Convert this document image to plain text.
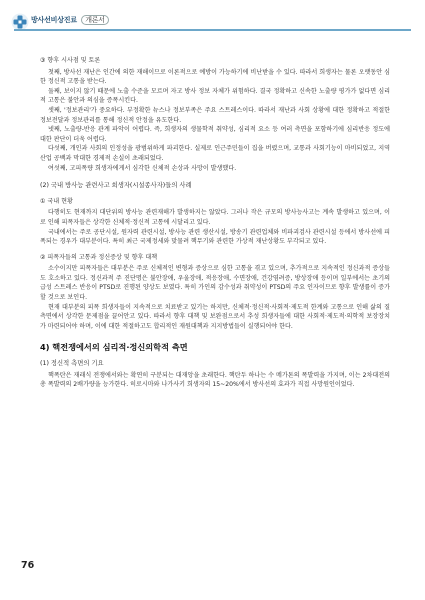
방사선비상진료 개론서
③ 향후 시사점 및 토론

첫째, 방사선 재난은 인간에 의한 재해이므로 이론적으로 예방이 가능하기에 비난받을 수 있다. 따라서 희생자는 물론 오랫동안 심한 정신적 고통을 받는다.

둘째, 보이지 않기 때문에 노출 수준을 모르며 자고 방사 정보 자체가 위험하다. 결국 정확하고 신속한 노출량 평가가 없다면 심리적 고통은 불안과 의심을 증폭시킨다.

셋째, '정보관리'가 중요하다. 부정확한 뉴스나 정보부족은 주요 스트레스이다. 따라서 재난과 사회 상황에 대한 정확하고 적절한 정보전달과 정보관리를 통해 정신적 안정을 유도한다.

넷째, 노출량-반응 관계 파악이 어렵다. 즉, 희생자의 생물학적 취약성, 심리적 요소 등 여러 측면을 포함하기에 심리반응 정도에 대한 판단이 더욱 어렵다.

다섯째, 개인과 사회의 인정성을 광범위하게 파괴한다. 실제로 인근주민들이 집을 버렸으며, 교통과 사회기능이 마비되었고, 지역산업 공백과 막대한 경제적 손실이 초래되었다.

여섯째, 고피폭량 희생자에게서 심각한 신체적 손상과 사망이 발생했다.

(2) 국내 방사능 관련사고 희생자(시설종사자)들의 사례
① 국내 현황

다행히도 현재까지 대단위의 방사능 관련재해가 발생하지는 않았다. 그러나 작은 규모의 방사능사고는 계속 발생하고 있으며, 이로 인해 피폭자들은 상각한 신체적·정신적 고통에 시달리고 있다.

국내에서는 주로 공단시설, 원자력 관련시설, 방사능 관련 생산시설, 방송기 관련업체와 비파괴검사 관련시설 등에서 방사선에 피폭되는 경우가 대부분이다. 특히 최근 국제정세와 맞물려 핵무기와 관련한 가상적 재난상황도 부각되고 있다.

② 피폭자들의 고통과 정신증상 및 향후 대책

소수이지만 피폭자들은 대부분은 주로 신체적인 변형과 증상으로 심한 고통을 겪고 있으며, 추가적으로 지속적인 정신과적 증상들도 호소하고 있다. 정신과적 주 진단명은 불안장애, 우울장애, 적응장애, 수면장애, 건강염려증, 방상장애 등이며 일부에서는 초기의 급성 스트레스 반응이 PTSD로 진행된 양상도 보였다. 특히 가인의 감수성과 취약성이 PTSD의 주요 인자이므로 향후 발생률이 증가할 것으로 보인다.

현재 대부분의 피폭 희생자들이 지속적으로 치료받고 있기는 하지만, 신체적·정신적·사회적·제도적 한계와 고통으로 인해 삶의 질 측면에서 상각한 문제점을 끌어안고 있다. 따라서 향후 대책 및 보완점으로서 추성 희생자들에 대한 사회적·제도적·의학적 보장장치가 마련되어야 하며, 이에 대한 적절하고도 합리적인 재원대책과 지지방법들이 실행되어야 한다.

4) 핵전쟁에서의 심리적·정신의학적 측면
(1) 정신적 측면의 기요

핵폭탄은 재래식 전쟁에서와는 확연히 구분되는 대재앙을 초래한다. 핵탄두 하나는 수 메가톤의 폭발력을 가지며, 이는 2차대전의 총 폭발력의 2배가량을 능가한다. 히로시마와 나가사키 희생자의 15~20%에서 방사선의 효과가 직접 사망원인이었다.

76
